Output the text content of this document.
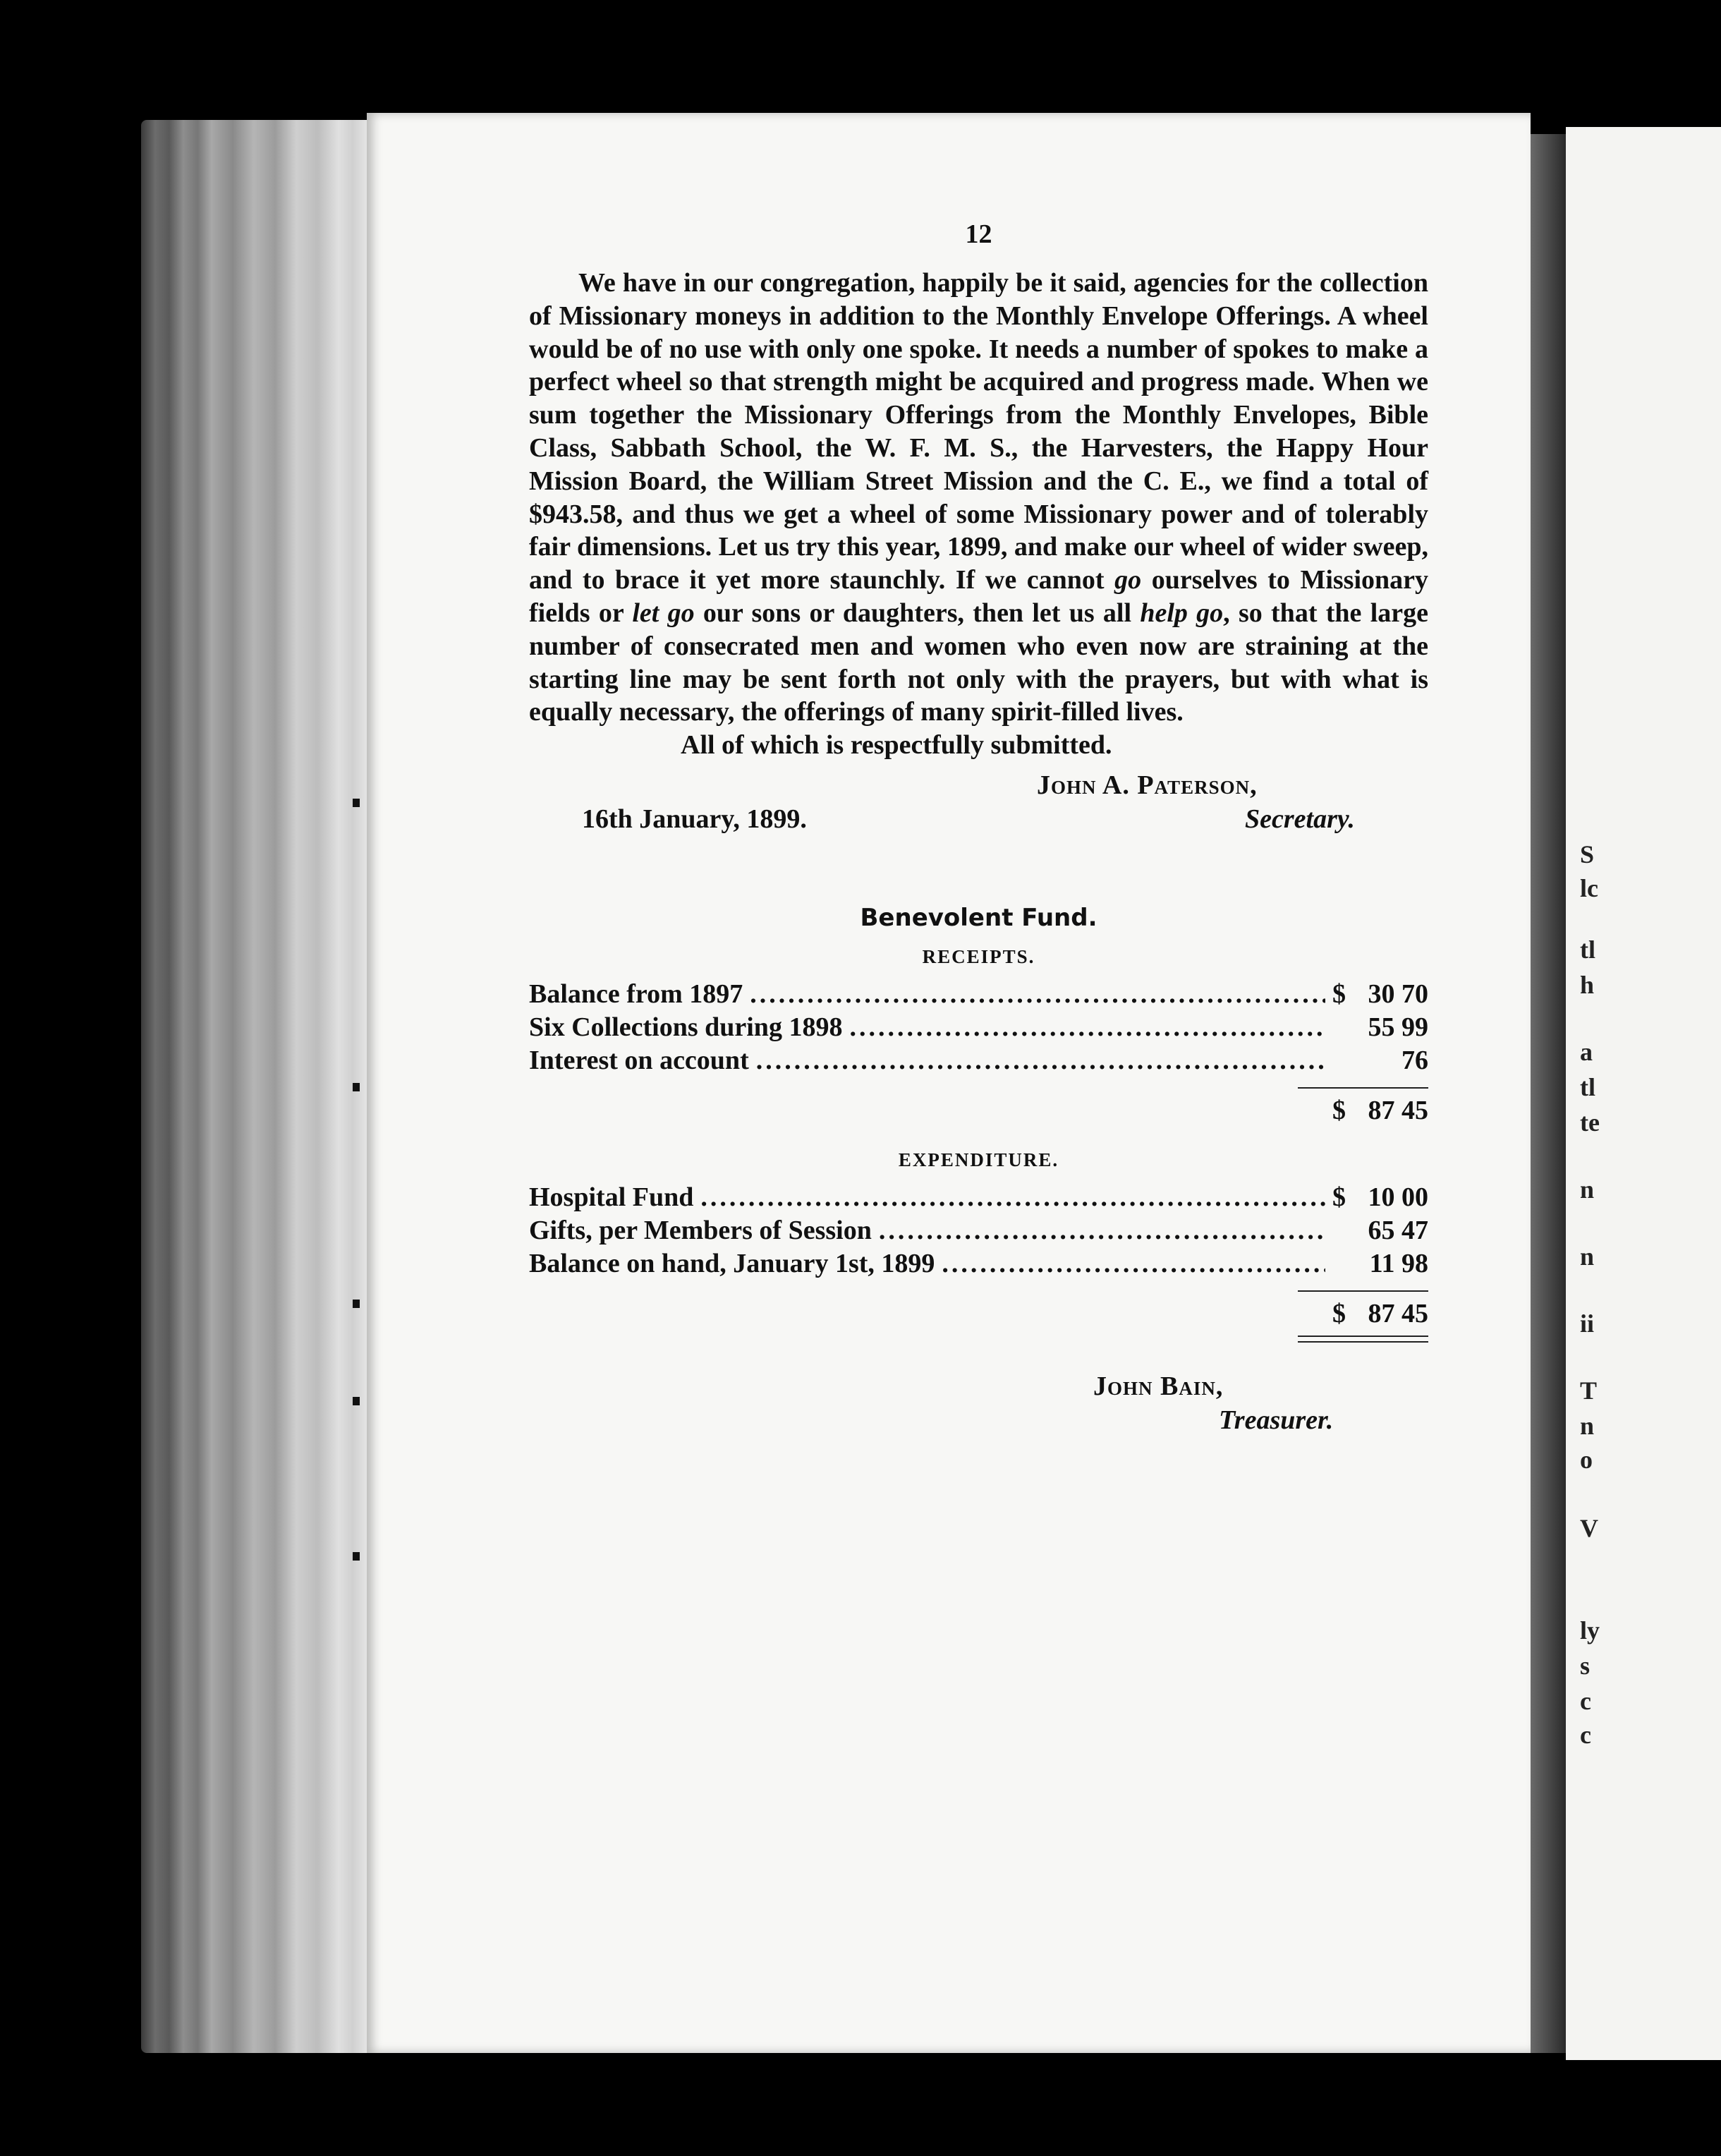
S
lc
tl
h
a
tl
te
n
n
ii
T
n
o
V
ly
s
c
c
12

We have in our congregation, happily be it said, agencies for the collection of Missionary moneys in addition to the Monthly Envelope Offerings. A wheel would be of no use with only one spoke. It needs a number of spokes to make a perfect wheel so that strength might be acquired and progress made. When we sum together the Missionary Offerings from the Monthly Envelopes, Bible Class, Sabbath School, the W. F. M. S., the Harvesters, the Happy Hour Mission Board, the William Street Mission and the C. E., we find a total of $943.58, and thus we get a wheel of some Missionary power and of tolerably fair dimensions. Let us try this year, 1899, and make our wheel of wider sweep, and to brace it yet more staunchly. If we cannot go ourselves to Missionary fields or let go our sons or daughters, then let us all help go, so that the large number of consecrated men and women who even now are straining at the starting line may be sent forth not only with the prayers, but with what is equally necessary, the offerings of many spirit-filled lives.

All of which is respectfully submitted.

John A. Paterson,
16th January, 1899.	Secretary.
Benevolent Fund.
RECEIPTS.
Balance from 1897 .....	$ 30 70
Six Collections during 1898 .....	55 99
Interest on account .....	76
$ 87 45
EXPENDITURE.
Hospital Fund .....	$ 10 00
Gifts, per Members of Session .....	65 47
Balance on hand, January 1st, 1899 .....	11 98
$ 87 45
John Bain,
Treasurer.
